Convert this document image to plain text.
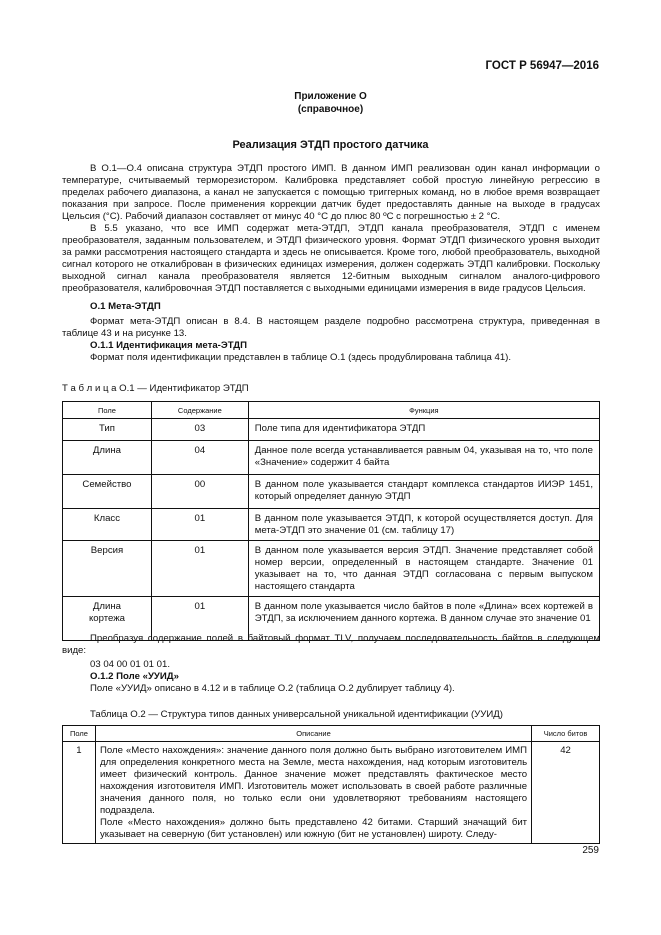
ГОСТ Р 56947—2016
Приложение О
(справочное)
Реализация ЭТДП простого датчика

В О.1—О.4 описана структура ЭТДП простого ИМП. В данном ИМП реализован один канал информации о температуре, считываемый терморезистором. Калибровка представляет собой простую линейную регрессию в пределах рабочего диапазона, а канал не запускается с помощью триггерных команд, но в любое время возвращает показания при запросе. После применения коррекции датчик будет предоставлять данные на выходе в градусах Цельсия (°С). Рабочий диапазон составляет от минус 40 °С до плюс 80 ºС с погрешностью ± 2 °С.

В 5.5 указано, что все ИМП содержат мета-ЭТДП, ЭТДП канала преобразователя, ЭТДП с именем преобразователя, заданным пользователем, и ЭТДП физического уровня. Формат ЭТДП физического уровня выходит за рамки рассмотрения настоящего стандарта и здесь не описывается. Кроме того, любой преобразователь, выходной сигнал которого не откалиброван в физических единицах измерения, должен содержать ЭТДП калибровки. Поскольку выходной сигнал канала преобразователя является 12-битным выходным сигналом аналого-цифрового преобразователя, калибровочная ЭТДП поставляется с выходными единицами измерения в виде градусов Цельсия.

О.1 Мета-ЭТДП

Формат мета-ЭТДП описан в 8.4. В настоящем разделе подробно рассмотрена структура, приведенная в таблице 43 и на рисунке 13.

О.1.1 Идентификация мета-ЭТДП

Формат поля идентификации представлен в таблице О.1 (здесь продублирована таблица 41).

Т а б л и ц а О.1 — Идентификатор ЭТДП
Поле	Содержание	Функция

Тип	03	Поле типа для идентификатора ЭТДП

Длина	04	Данное поле всегда устанавливается равным 04, указывая на то, что поле «Значение» содержит 4 байта

Семейство	00	В данном поле указывается стандарт комплекса стандартов ИИЭР 1451, который определяет данную ЭТДП

Класс	01	В данном поле указывается ЭТДП, к которой осуществляется доступ. Для мета-ЭТДП это значение 01 (см. таблицу 17)

Версия	01	В данном поле указывается версия ЭТДП. Значение представляет собой номер версии, определенный в настоящем стандарте. Значение 01 указывает на то, что данная ЭТДП согласована с первым выпуском настоящего стандарта

Длина кортежа	01	В данном поле указывается число байтов в поле «Длина» всех кортежей в ЭТДП, за исключением данного кортежа. В данном случае это значение 01

Преобразуя содержание полей в байтовый формат TLV, получаем последовательность байтов в следующем виде:

03 04 00 01 01 01.

О.1.2 Поле «УУИД»

Поле «УУИД» описано в 4.12 и в таблице О.2 (таблица О.2 дублирует таблицу 4).

Таблица О.2 — Структура типов данных универсальной уникальной идентификации (УУИД)
Поле	Описание	Число битов

1	Поле «Место нахождения»: значение данного поля должно быть выбрано изготовителем ИМП для определения конкретного места на Земле, места нахождения, над которым изготовитель имеет физический контроль. Данное значение может представлять фактическое место нахождения изготовителя ИМП. Изготовитель может использовать в своей работе различные значения данного поля, но только если они удовлетворяют требованиям настоящего подраздела.
Поле «Место нахождения» должно быть представлено 42 битами. Старший значащий бит указывает на северную (бит установлен) или южную (бит не установлен) широту. Следу-	42
259
